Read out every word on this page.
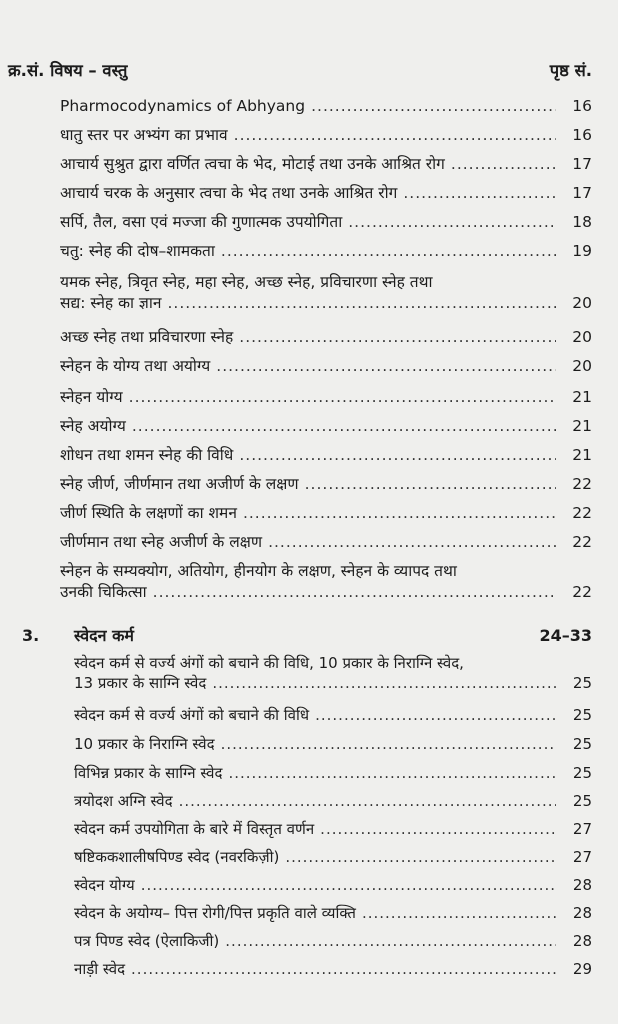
क्र.सं. विषय – वस्तु	पृष्ठ सं.
Pharmocodynamics of Abhyang .....	16
धातु स्तर पर अभ्यंग का प्रभाव .....	16
आचार्य सुश्रुत द्वारा वर्णित त्वचा के भेद, मोटाई तथा उनके आश्रित रोग .....	17
आचार्य चरक के अनुसार त्वचा के भेद तथा उनके आश्रित रोग .....	17
सर्पि, तैल, वसा एवं मज्जा की गुणात्मक उपयोगिता .....	18
चतु: स्नेह की दोष–शामकता .....	19
यमक स्नेह, त्रिवृत स्नेह, महा स्नेह, अच्छ स्नेह, प्रविचारणा स्नेह तथा
सद्य: स्नेह का ज्ञान .....	20
अच्छ स्नेह तथा प्रविचारणा स्नेह .....	20
स्नेहन के योग्य तथा अयोग्य .....	20
स्नेहन योग्य .....	21
स्नेह अयोग्य .....	21
शोधन तथा शमन स्नेह की विधि .....	21
स्नेह जीर्ण, जीर्णमान तथा अजीर्ण के लक्षण .....	22
जीर्ण स्थिति के लक्षणों का शमन .....	22
जीर्णमान तथा स्नेह अजीर्ण के लक्षण .....	22
स्नेहन के सम्यक्योग, अतियोग, हीनयोग के लक्षण, स्नेहन के व्यापद तथा
उनकी चिकित्सा .....	22
3.	स्वेदन कर्म	24–33
स्वेदन कर्म से वर्ज्य अंगों को बचाने की विधि, 10 प्रकार के निराग्नि स्वेद,
13 प्रकार के साग्नि स्वेद .....	25
स्वेदन कर्म से वर्ज्य अंगों को बचाने की विधि .....	25
10 प्रकार के निराग्नि स्वेद .....	25
विभिन्न प्रकार के साग्नि स्वेद .....	25
त्रयोदश अग्नि स्वेद .....	25
स्वेदन कर्म उपयोगिता के बारे में विस्तृत वर्णन .....	27
षष्टिककशालीषपिण्ड स्वेद (नवरकिज़ी) .....	27
स्वेदन योग्य .....	28
स्वेदन के अयोग्य– पित्त रोगी/पित्त प्रकृति वाले व्यक्ति .....	28
पत्र पिण्ड स्वेद (ऐलाकिजी) .....	28
नाड़ी स्वेद .....	29
